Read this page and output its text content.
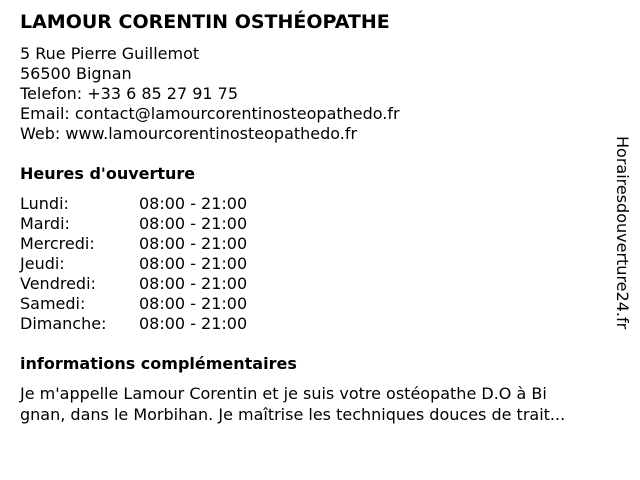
LAMOUR CORENTIN OSTHÉOPATHE
5 Rue Pierre Guillemot
56500 Bignan
Telefon: +33 6 85 27 91 75
Email: contact@lamourcorentinosteopathedo.fr
Web: www.lamourcorentinosteopathedo.fr
Heures d'ouverture
Lundi:	08:00 - 21:00
Mardi:	08:00 - 21:00
Mercredi:	08:00 - 21:00
Jeudi:	08:00 - 21:00
Vendredi:	08:00 - 21:00
Samedi:	08:00 - 21:00
Dimanche: 08:00 - 21:00
informations complémentaires
Je m'appelle Lamour Corentin et je suis votre ostéopathe D.O à Bi
gnan, dans le Morbihan. Je maîtrise les techniques douces de trait...
Horairesdouverture24.fr
